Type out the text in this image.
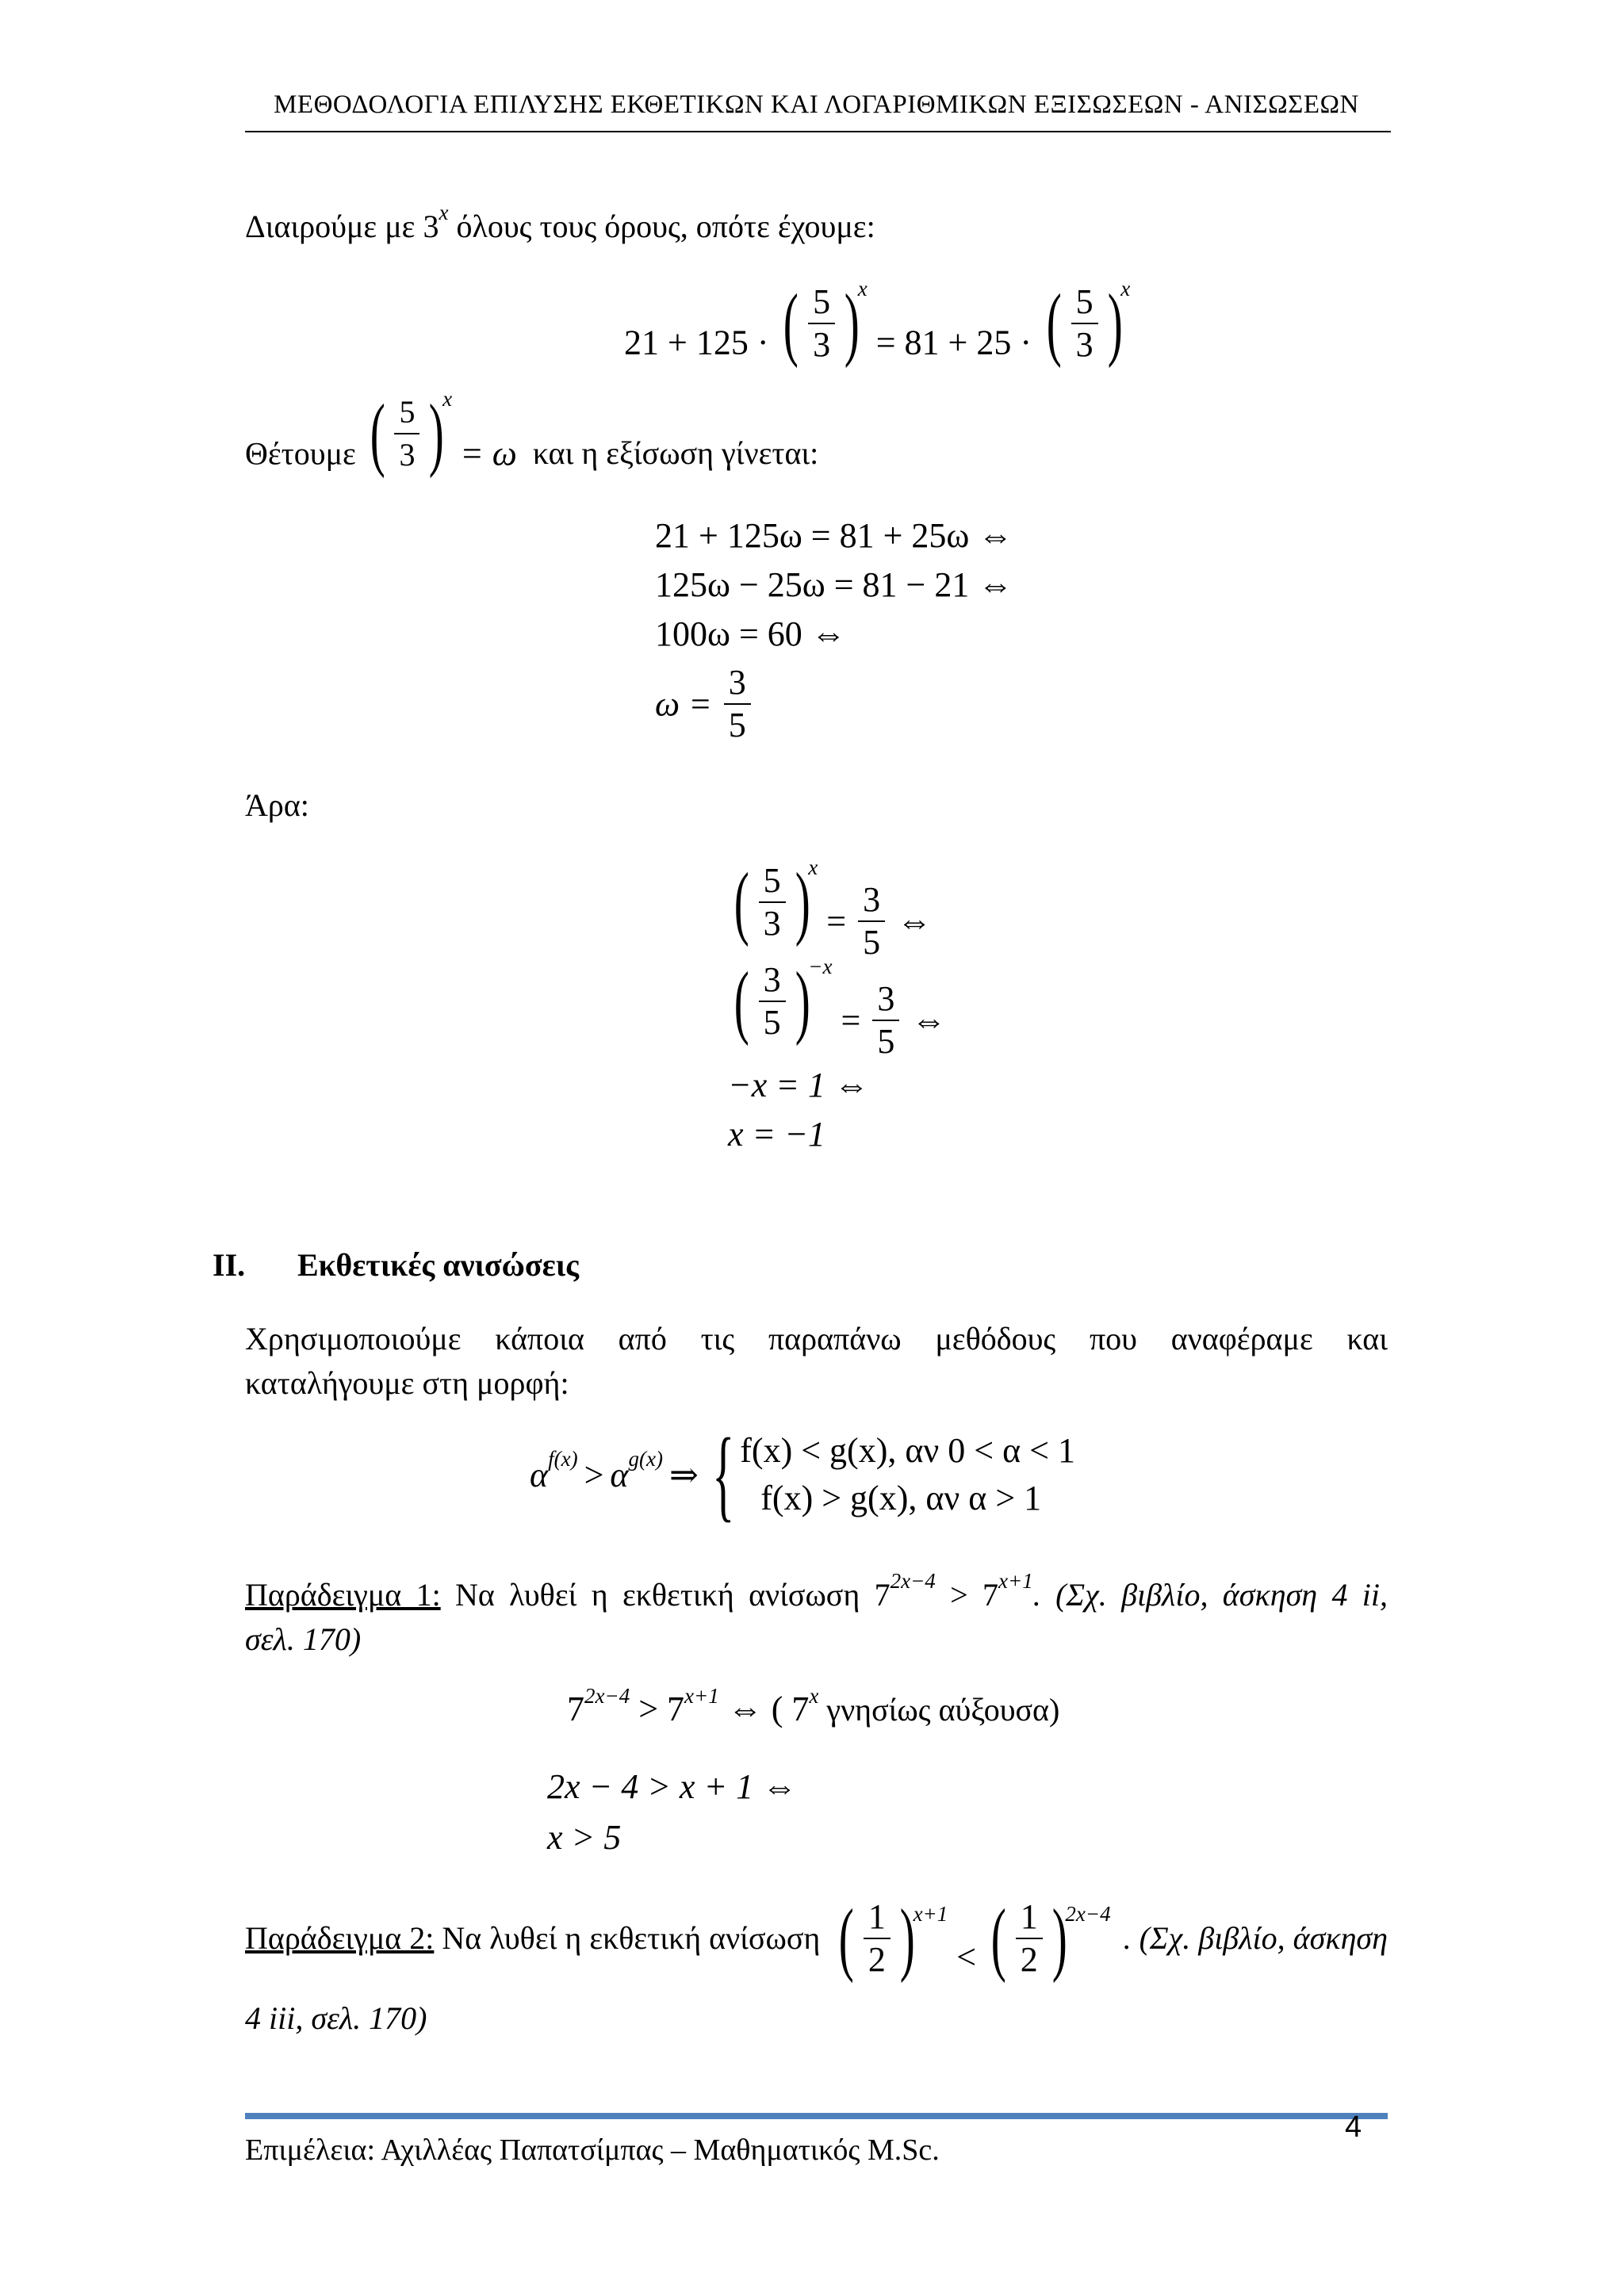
ΜΕΘΟΔΟΛΟΓΙΑ ΕΠΙΛΥΣΗΣ ΕΚΘΕΤΙΚΩΝ ΚΑΙ ΛΟΓΑΡΙΘΜΙΚΩΝ ΕΞΙΣΩΣΕΩΝ - ΑΝΙΣΩΣΕΩΝ
Διαιρούμε με 3$^x$ όλους τους όρους, οπότε έχουμε:
21 + 125 · ( $\frac{5}{3}$ )
x
= 81 + 25 · ( $\frac{5}{3}$ )
x
Θέτουμε ( $\frac{5}{3}$ )
x
= ω και η εξίσωση γίνεται:
21 + 125ω = 81 + 25ω ⇔
125ω − 25ω = 81 − 21 ⇔
100ω = 60 ⇔
$\omega = \frac{3}{5}$
Άρα:
( $\frac{5}{3}$ )
x
= $\frac{3}{5}$ ⇔
( $\frac{3}{5}$ )
−x
= $\frac{3}{5}$ ⇔
−x = 1 ⇔
x = −1
ΙΙ. Εκθετικές ανισώσεις
Χρησιμοποιούμε κάποια από τις παραπάνω μεθόδους που αναφέραμε και
καταλήγουμε στη μορφή:
α f(x) > α g(x) ⇒ { f(x) < g(x), αν 0 < α < 1
f(x) > g(x), αν α > 1
Παράδειγμα 1: Να λυθεί η εκθετική ανίσωση $7^{2x-4} > 7^{x+1}$. (Σχ. βιβλίο, άσκηση 4 ii,
σελ. 170)
$7^{2x-4} > 7^{x+1}$ ⇔ ( 7$^x$ γνησίως αύξουσα)
2x − 4 > x + 1 ⇔
x > 5
Παράδειγμα 2: Να λυθεί η εκθετική ανίσωση ( $\frac{1}{2}$ )
x+1
< ( $\frac{1}{2}$ )
2x−4
. (Σχ. βιβλίο, άσκηση
4 iii, σελ. 170)
Επιμέλεια: Αχιλλέας Παπατσίμπας – Μαθηματικός M.Sc.
4
